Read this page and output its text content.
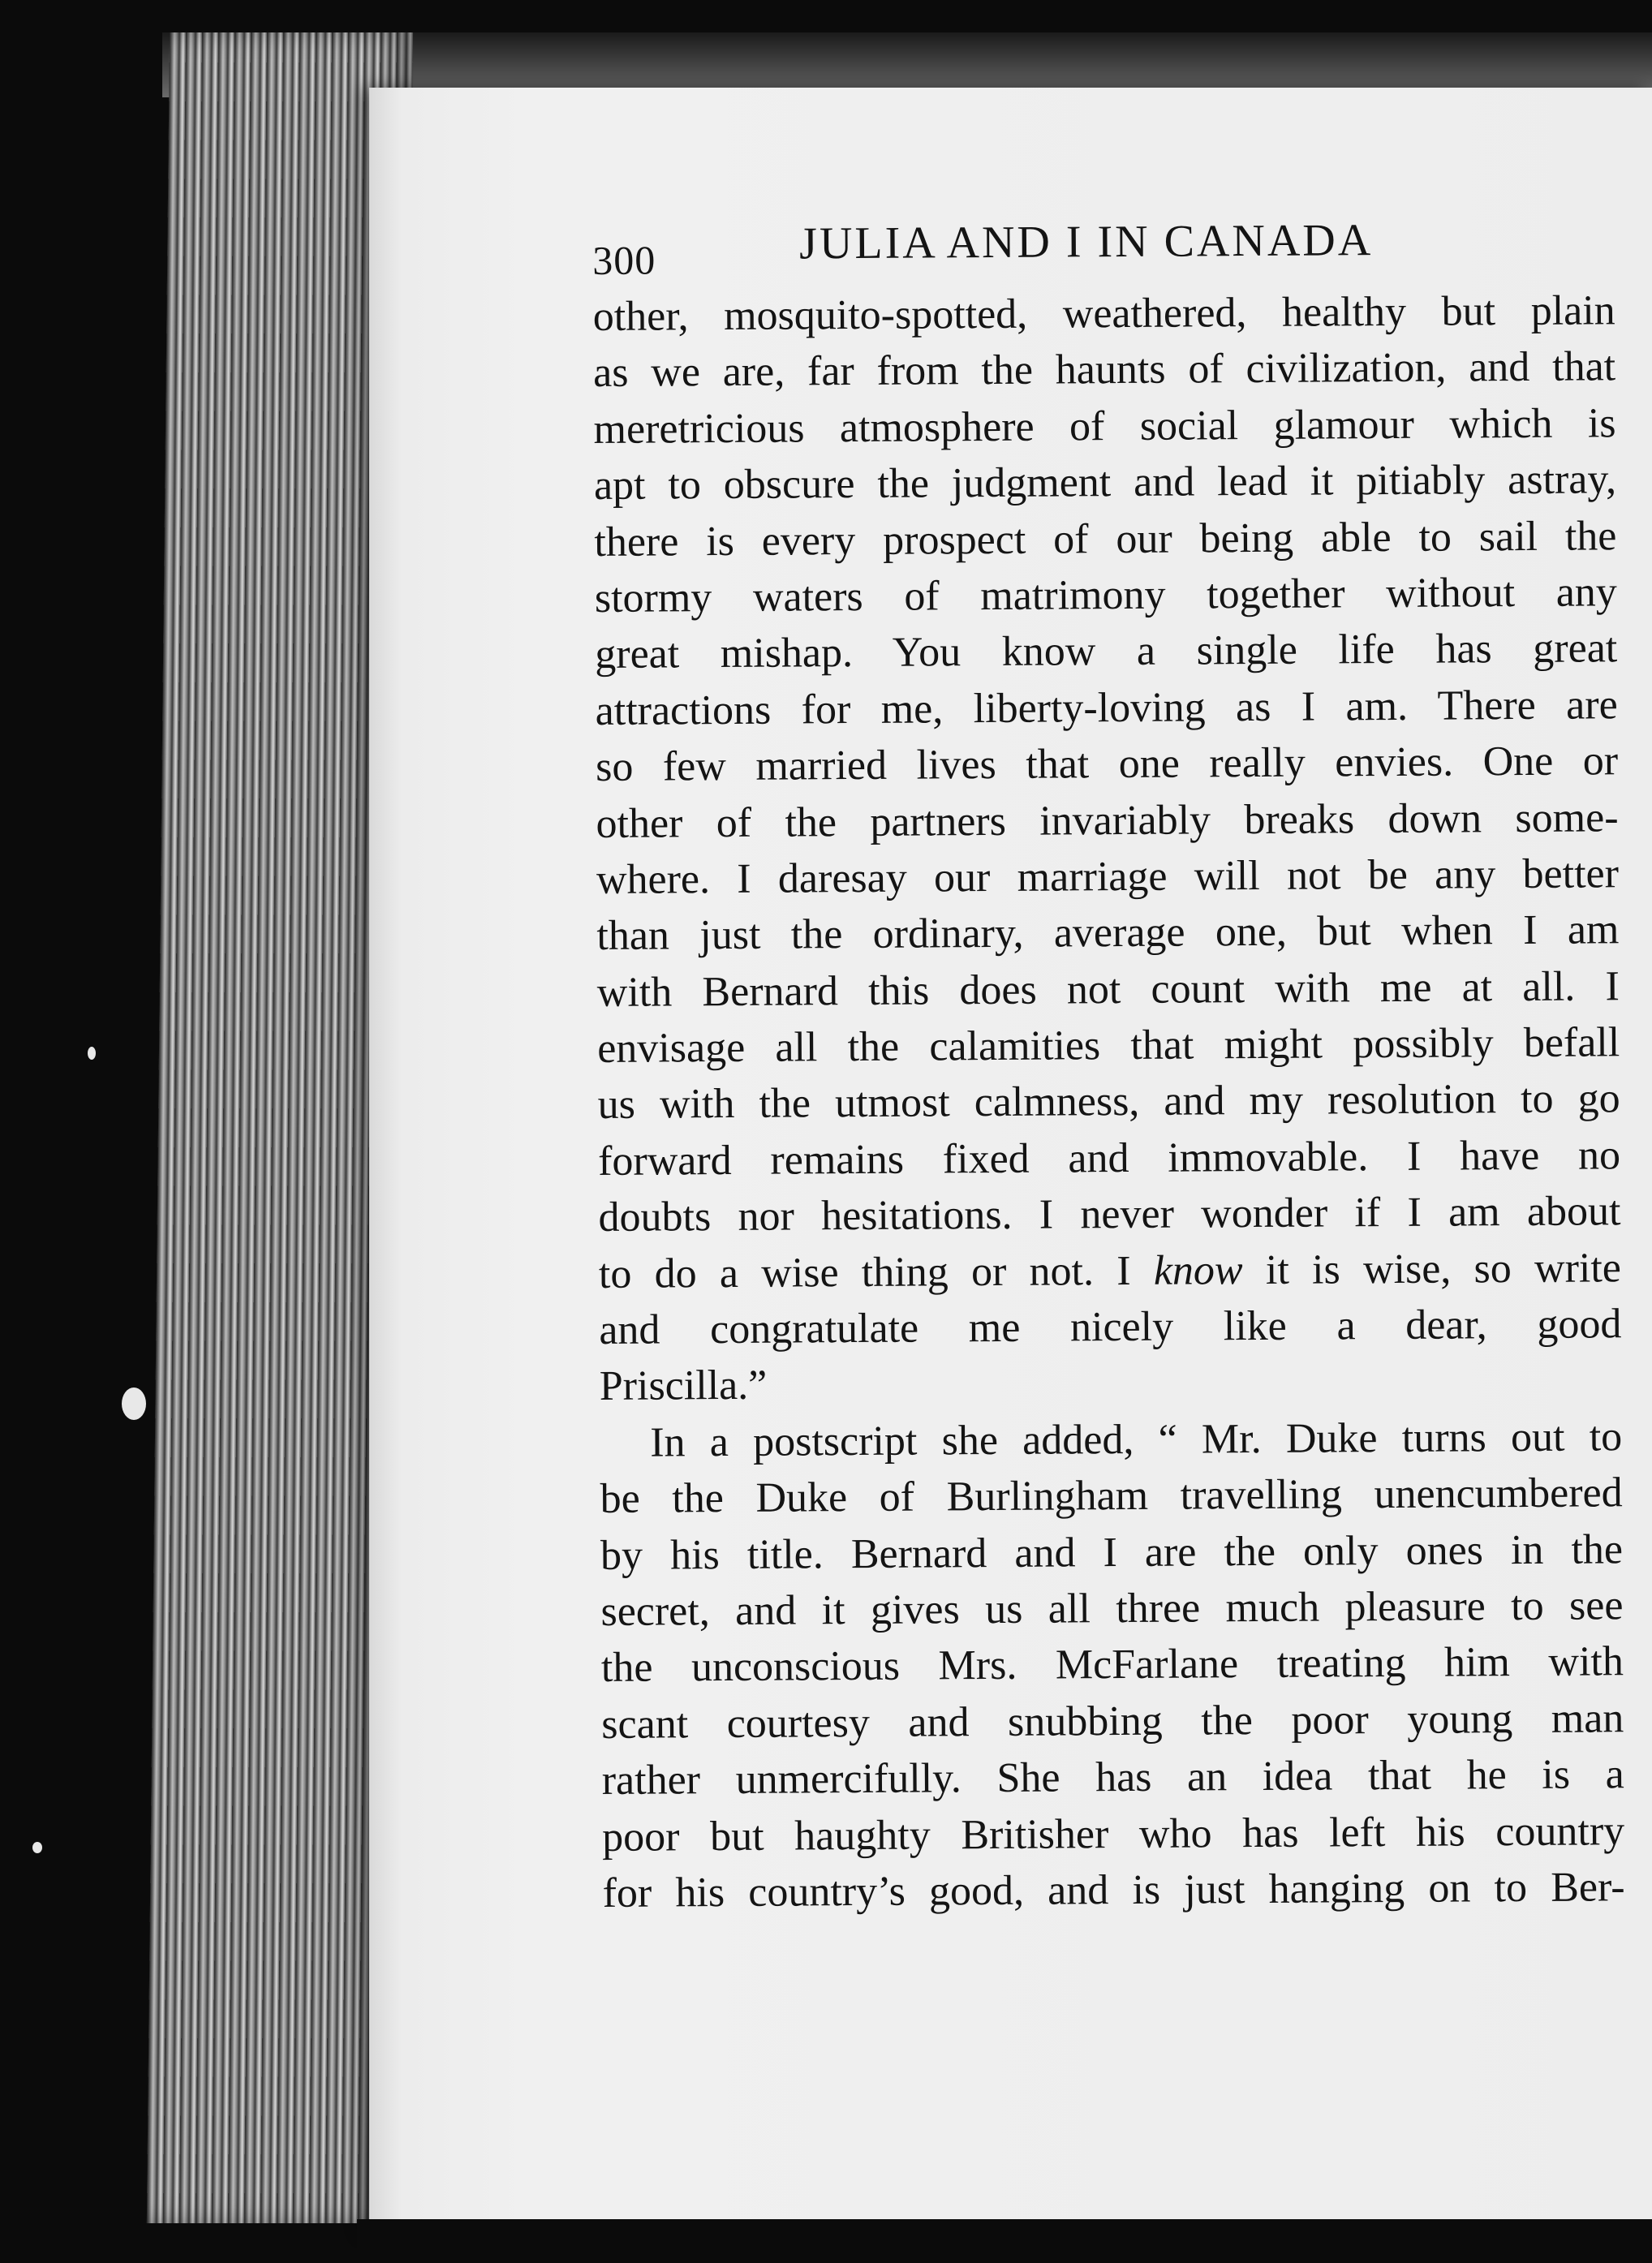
300	JULIA AND I IN CANADA
other, mosquito-spotted, weathered, healthy but plain
as we are, far from the haunts of civilization, and that
meretricious atmosphere of social glamour which is
apt to obscure the judgment and lead it pitiably astray,
there is every prospect of our being able to sail the
stormy waters of matrimony together without any
great mishap. You know a single life has great
attractions for me, liberty-loving as I am. There are
so few married lives that one really envies. One or
other of the partners invariably breaks down some-
where. I daresay our marriage will not be any better
than just the ordinary, average one, but when I am
with Bernard this does not count with me at all. I
envisage all the calamities that might possibly befall
us with the utmost calmness, and my resolution to go
forward remains fixed and immovable. I have no
doubts nor hesitations. I never wonder if I am about
to do a wise thing or not. I know it is wise, so write
and congratulate me nicely like a dear, good
Priscilla.”
In a postscript she added, “ Mr. Duke turns out to
be the Duke of Burlingham travelling unencumbered
by his title. Bernard and I are the only ones in the
secret, and it gives us all three much pleasure to see
the unconscious Mrs. McFarlane treating him with
scant courtesy and snubbing the poor young man
rather unmercifully. She has an idea that he is a
poor but haughty Britisher who has left his country
for his country’s good, and is just hanging on to Ber-
